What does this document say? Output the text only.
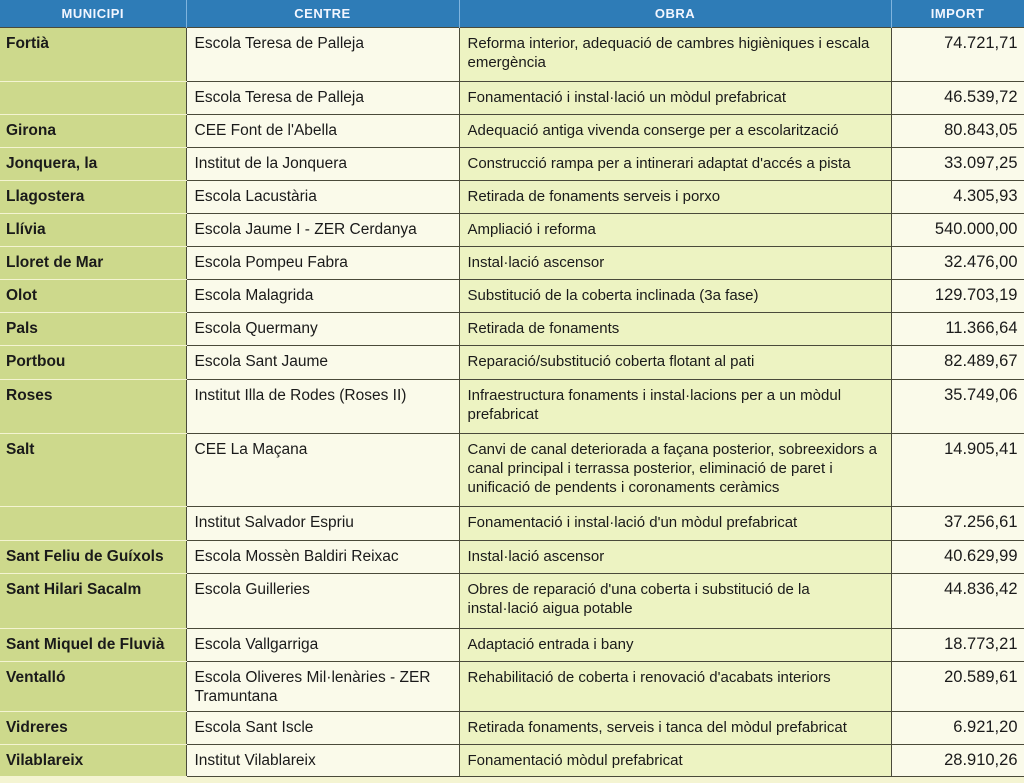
MUNICIPI	CENTRE	OBRA	IMPORT
Fortià	Escola Teresa de Palleja	Reforma interior, adequació de cambres higièniques i escala emergència	74.721,71
	Escola Teresa de Palleja	Fonamentació i instal·lació un mòdul prefabricat	46.539,72
Girona	CEE Font de l'Abella	Adequació antiga vivenda conserge per a escolarització	80.843,05
Jonquera, la	Institut de la Jonquera	Construcció rampa per a intinerari adaptat d'accés a pista	33.097,25
Llagostera	Escola Lacustària	Retirada de fonaments serveis i porxo	4.305,93
Llívia	Escola Jaume I - ZER Cerdanya	Ampliació i reforma	540.000,00
Lloret de Mar	Escola Pompeu Fabra	Instal·lació ascensor	32.476,00
Olot	Escola Malagrida	Substitució de la coberta inclinada (3a fase)	129.703,19
Pals	Escola Quermany	Retirada de fonaments	11.366,64
Portbou	Escola Sant Jaume	Reparació/substitució coberta flotant al pati	82.489,67
Roses	Institut Illa de Rodes (Roses II)	Infraestructura fonaments i instal·lacions per a un mòdul prefabricat	35.749,06
Salt	CEE La Maçana	Canvi de canal deteriorada a façana posterior, sobreexidors a canal principal i terrassa posterior, eliminació de paret i unificació de pendents i coronaments ceràmics	14.905,41
	Institut Salvador Espriu	Fonamentació i instal·lació d'un mòdul prefabricat	37.256,61
Sant Feliu de Guíxols	Escola Mossèn Baldiri Reixac	Instal·lació ascensor	40.629,99
Sant Hilari Sacalm	Escola Guilleries	Obres de reparació d'una coberta i substitució de la instal·lació aigua potable	44.836,42
Sant Miquel de Fluvià	Escola Vallgarriga	Adaptació entrada i bany	18.773,21
Ventalló	Escola Oliveres Mil·lenàries - ZER Tramuntana	Rehabilitació de coberta i renovació d'acabats interiors	20.589,61
Vidreres	Escola Sant Iscle	Retirada fonaments, serveis i tanca del mòdul prefabricat	6.921,20
Vilablareix	Institut Vilablareix	Fonamentació mòdul prefabricat	28.910,26
